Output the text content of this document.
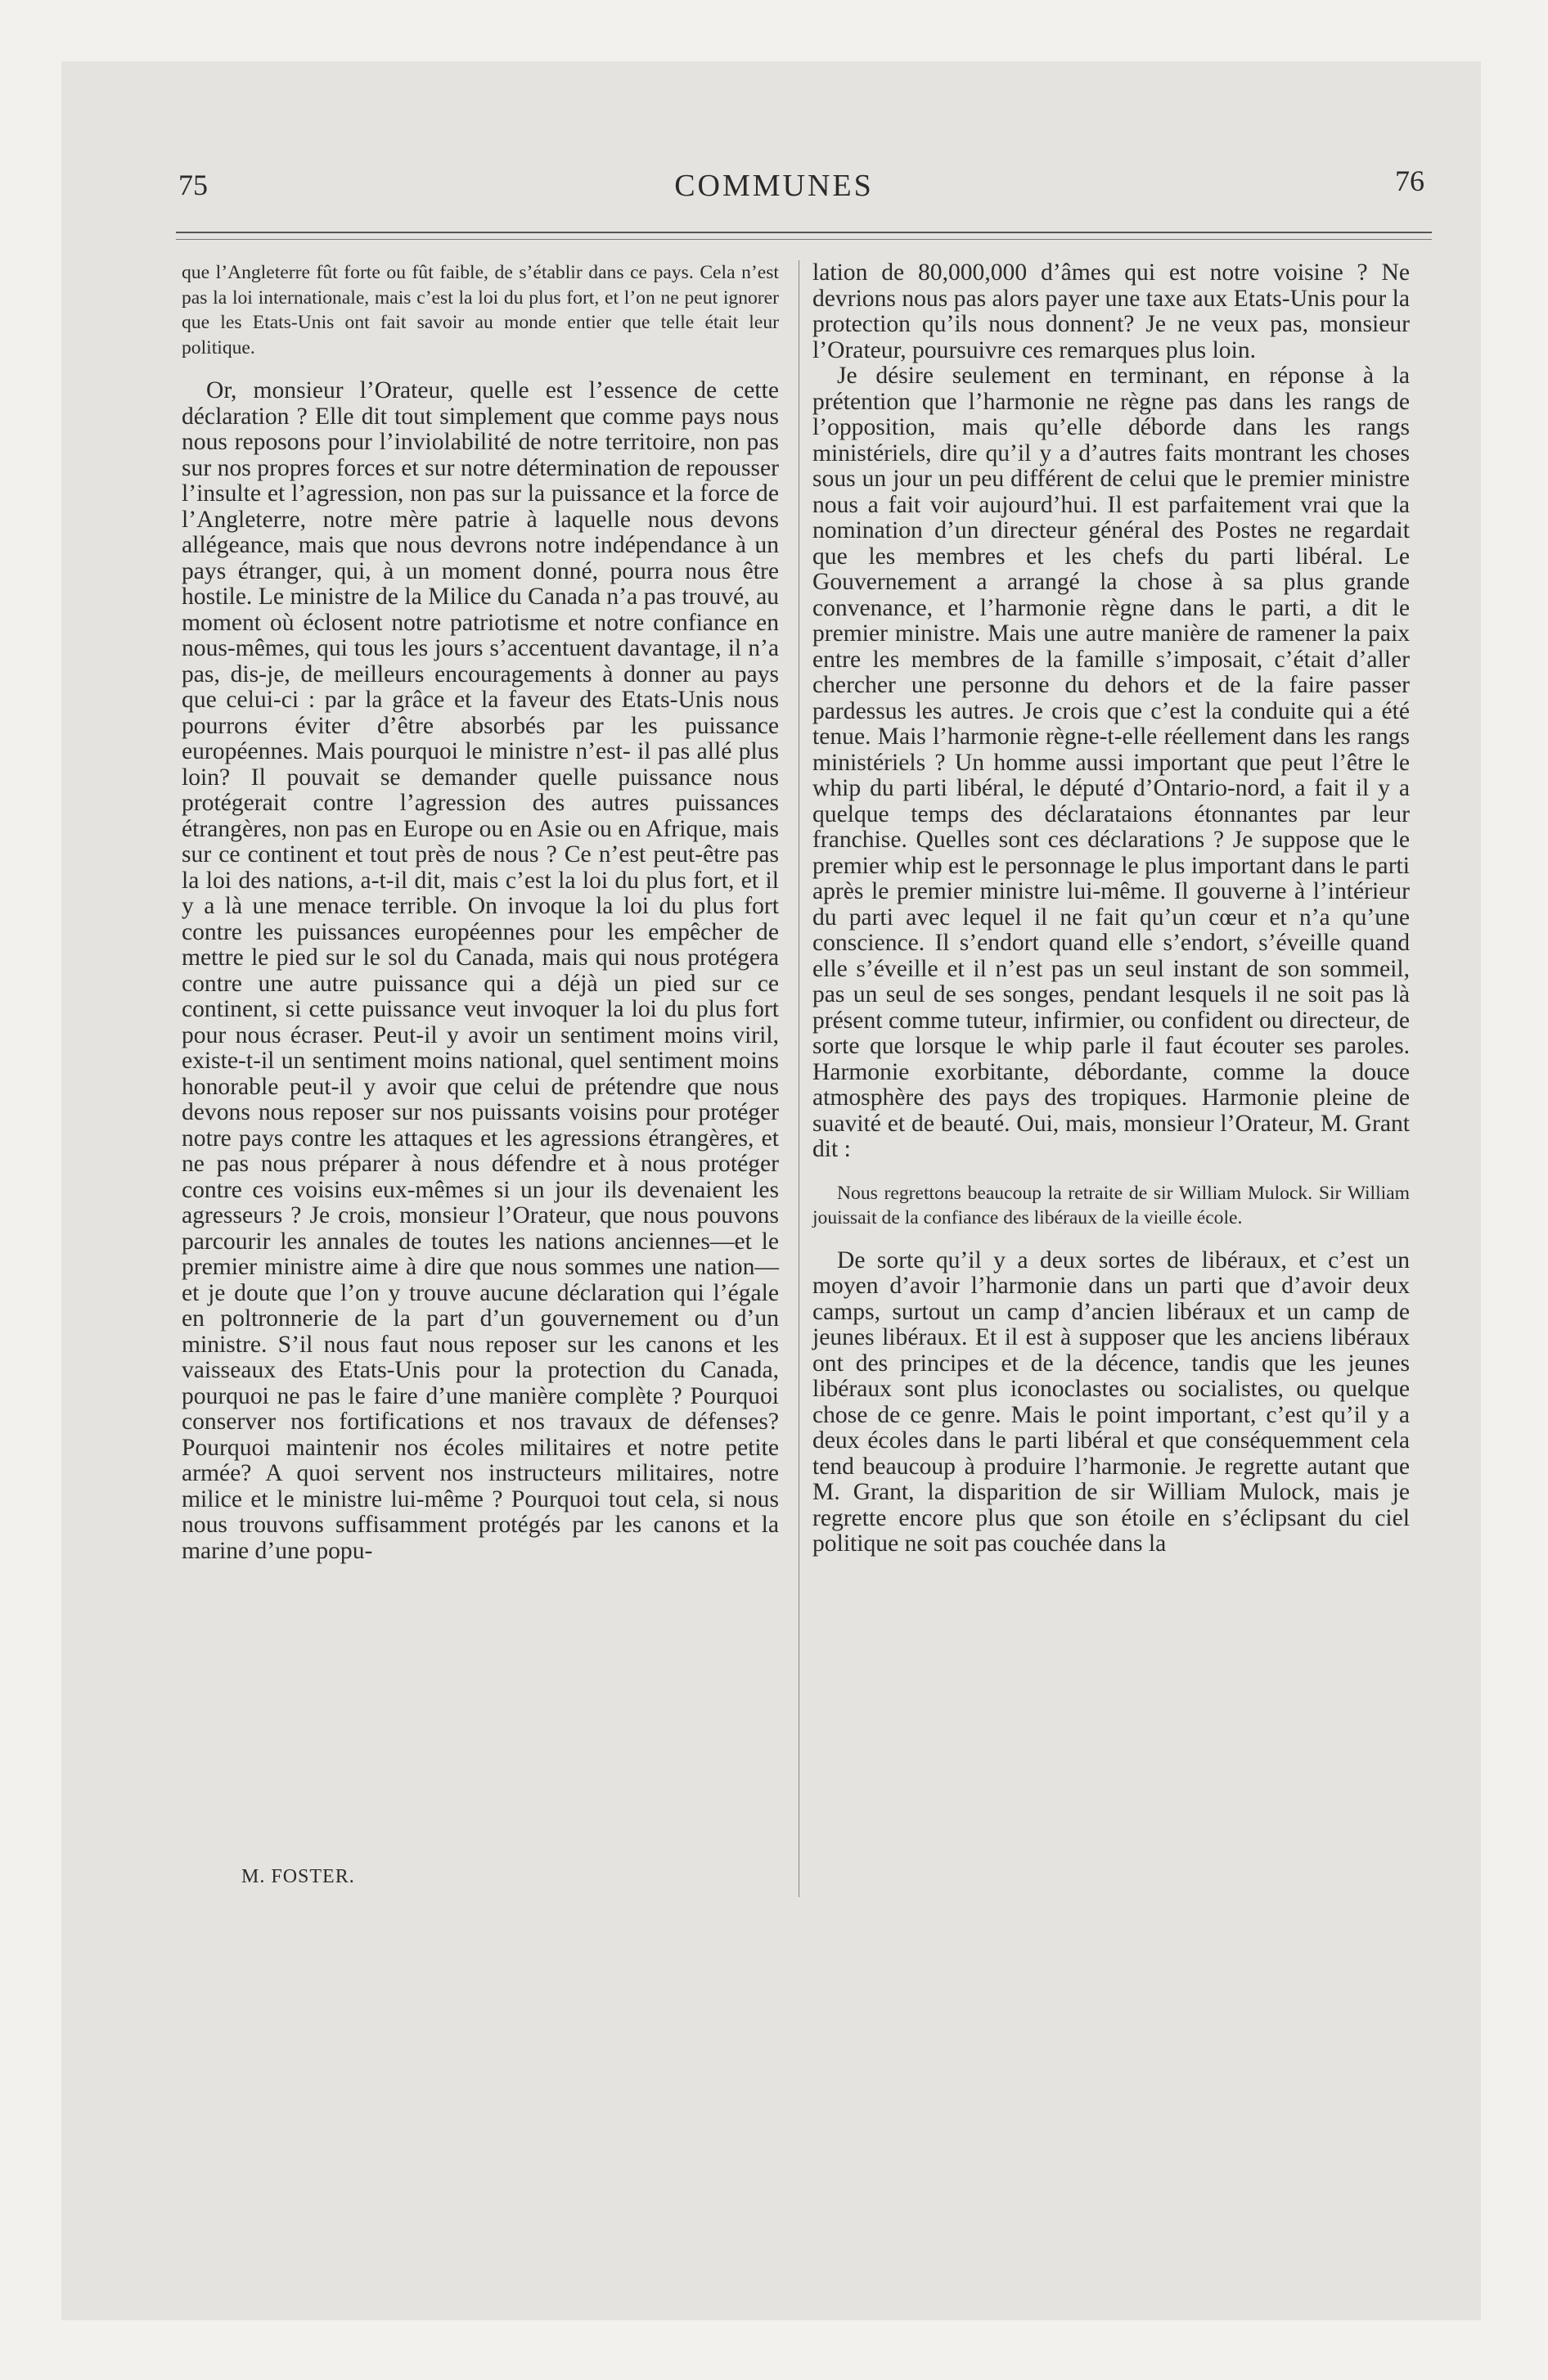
75	COMMUNES	76

que l’Angleterre fût forte ou fût faible, de s’établir dans ce pays. Cela n’est pas la loi internationale, mais c’est la loi du plus fort, et l’on ne peut ignorer que les Etats-Unis ont fait savoir au monde entier que telle était leur politique.

Or, monsieur l’Orateur, quelle est l’essence de cette déclaration ? Elle dit tout simplement que comme pays nous nous reposons pour l’inviolabilité de notre territoire, non pas sur nos propres forces et sur notre détermination de repousser l’insulte et l’agression, non pas sur la puissance et la force de l’Angleterre, notre mère patrie à laquelle nous devons allégeance, mais que nous devrons notre indépendance à un pays étranger, qui, à un moment donné, pourra nous être hostile. Le ministre de la Milice du Canada n’a pas trouvé, au moment où éclosent notre patriotisme et notre confiance en nous-mêmes, qui tous les jours s’accentuent davantage, il n’a pas, dis-je, de meilleurs encouragements à donner au pays que celui-ci : par la grâce et la faveur des Etats-Unis nous pourrons éviter d’être absorbés par les puissance européennes. Mais pourquoi le ministre n’est- il pas allé plus loin? Il pouvait se demander quelle puissance nous protégerait contre l’agression des autres puissances étrangères, non pas en Europe ou en Asie ou en Afrique, mais sur ce continent et tout près de nous ? Ce n’est peut-être pas la loi des nations, a-t-il dit, mais c’est la loi du plus fort, et il y a là une menace terrible. On invoque la loi du plus fort contre les puissances européennes pour les empêcher de mettre le pied sur le sol du Canada, mais qui nous protégera contre une autre puissance qui a déjà un pied sur ce continent, si cette puissance veut invoquer la loi du plus fort pour nous écraser. Peut-il y avoir un sentiment moins viril, existe-t-il un sentiment moins national, quel sentiment moins honorable peut-il y avoir que celui de prétendre que nous devons nous reposer sur nos puissants voisins pour protéger notre pays contre les attaques et les agressions étrangères, et ne pas nous préparer à nous défendre et à nous protéger contre ces voisins eux-mêmes si un jour ils devenaient les agresseurs ? Je crois, monsieur l’Orateur, que nous pouvons parcourir les annales de toutes les nations anciennes—et le premier ministre aime à dire que nous sommes une nation—et je doute que l’on y trouve aucune déclaration qui l’égale en poltronnerie de la part d’un gouvernement ou d’un ministre. S’il nous faut nous reposer sur les canons et les vaisseaux des Etats-Unis pour la protection du Canada, pourquoi ne pas le faire d’une manière complète ? Pourquoi conserver nos fortifications et nos travaux de défenses? Pourquoi maintenir nos écoles militaires et notre petite armée? A quoi servent nos instructeurs militaires, notre milice et le ministre lui-même ? Pourquoi tout cela, si nous nous trouvons suffisamment protégés par les canons et la marine d’une popu-

M. FOSTER.

lation de 80,000,000 d’âmes qui est notre voisine ? Ne devrions nous pas alors payer une taxe aux Etats-Unis pour la protection qu’ils nous donnent? Je ne veux pas, monsieur l’Orateur, poursuivre ces remarques plus loin.

Je désire seulement en terminant, en réponse à la prétention que l’harmonie ne règne pas dans les rangs de l’opposition, mais qu’elle déborde dans les rangs ministériels, dire qu’il y a d’autres faits montrant les choses sous un jour un peu différent de celui que le premier ministre nous a fait voir aujourd’hui. Il est parfaitement vrai que la nomination d’un directeur général des Postes ne regardait que les membres et les chefs du parti libéral. Le Gouvernement a arrangé la chose à sa plus grande convenance, et l’harmonie règne dans le parti, a dit le premier ministre. Mais une autre manière de ramener la paix entre les membres de la famille s’imposait, c’était d’aller chercher une personne du dehors et de la faire passer pardessus les autres. Je crois que c’est la conduite qui a été tenue. Mais l’harmonie règne-t-elle réellement dans les rangs ministériels ? Un homme aussi important que peut l’être le whip du parti libéral, le député d’Ontario-nord, a fait il y a quelque temps des déclarataions étonnantes par leur franchise. Quelles sont ces déclarations ? Je suppose que le premier whip est le personnage le plus important dans le parti après le premier ministre lui-même. Il gouverne à l’intérieur du parti avec lequel il ne fait qu’un cœur et n’a qu’une conscience. Il s’endort quand elle s’endort, s’éveille quand elle s’éveille et il n’est pas un seul instant de son sommeil, pas un seul de ses songes, pendant lesquels il ne soit pas là présent comme tuteur, infirmier, ou confident ou directeur, de sorte que lorsque le whip parle il faut écouter ses paroles. Harmonie exorbitante, débordante, comme la douce atmosphère des pays des tropiques. Harmonie pleine de suavité et de beauté. Oui, mais, monsieur l’Orateur, M. Grant dit :

Nous regrettons beaucoup la retraite de sir William Mulock. Sir William jouissait de la confiance des libéraux de la vieille école.

De sorte qu’il y a deux sortes de libéraux, et c’est un moyen d’avoir l’harmonie dans un parti que d’avoir deux camps, surtout un camp d’ancien libéraux et un camp de jeunes libéraux. Et il est à supposer que les anciens libéraux ont des principes et de la décence, tandis que les jeunes libéraux sont plus iconoclastes ou socialistes, ou quelque chose de ce genre. Mais le point important, c’est qu’il y a deux écoles dans le parti libéral et que conséquemment cela tend beaucoup à produire l’harmonie. Je regrette autant que M. Grant, la disparition de sir William Mulock, mais je regrette encore plus que son étoile en s’éclipsant du ciel politique ne soit pas couchée dans la
